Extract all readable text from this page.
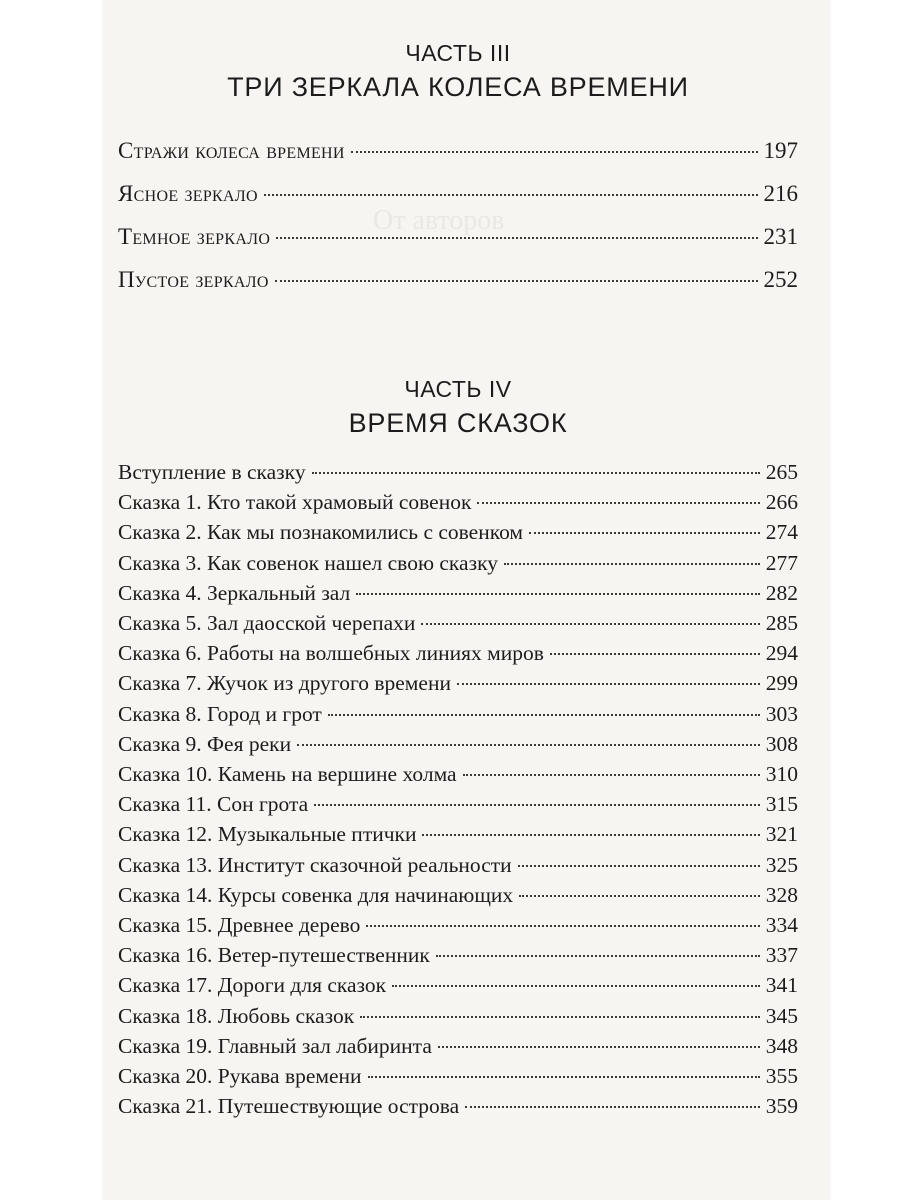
От авторов
ЧАСТЬ III
ТРИ ЗЕРКАЛА КОЛЕСА ВРЕМЕНИ
Стражи колеса времени	197
Ясное зеркало	216
Темное зеркало	231
Пустое зеркало	252
ЧАСТЬ IV
ВРЕМЯ СКАЗОК
Вступление в сказку	265
Сказка 1. Кто такой храмовый совенок	266
Сказка 2. Как мы познакомились с совенком	274
Сказка 3. Как совенок нашел свою сказку	277
Сказка 4. Зеркальный зал	282
Сказка 5. Зал даосской черепахи	285
Сказка 6. Работы на волшебных линиях миров	294
Сказка 7. Жучок из другого времени	299
Сказка 8. Город и грот	303
Сказка 9. Фея реки	308
Сказка 10. Камень на вершине холма	310
Сказка 11. Сон грота	315
Сказка 12. Музыкальные птички	321
Сказка 13. Институт сказочной реальности	325
Сказка 14. Курсы совенка для начинающих	328
Сказка 15. Древнее дерево	334
Сказка 16. Ветер-путешественник	337
Сказка 17. Дороги для сказок	341
Сказка 18. Любовь сказок	345
Сказка 19. Главный зал лабиринта	348
Сказка 20. Рукава времени	355
Сказка 21. Путешествующие острова	359
